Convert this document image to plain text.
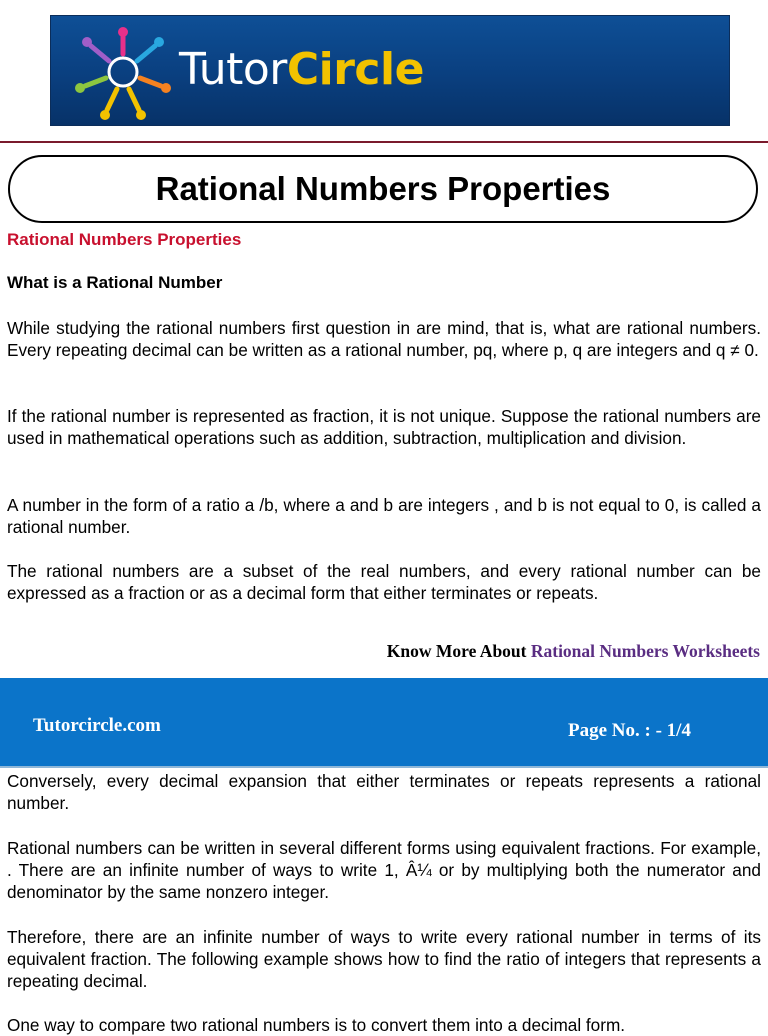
TutorCircle
Rational Numbers Properties
Rational Numbers Properties
What is a Rational Number

While studying the rational numbers first question in are mind, that is, what are rational numbers. Every repeating decimal can be written as a rational number, pq, where p, q are integers and q ≠ 0.

If the rational number is represented as fraction, it is not unique. Suppose the rational numbers are used in mathematical operations such as addition, subtraction, multiplication and division.

A number in the form of a ratio a /b, where a and b are integers , and b is not equal to 0, is called a rational number.

The rational numbers are a subset of the real numbers, and every rational number can be expressed as a fraction or as a decimal form that either terminates or repeats.

Know More About Rational Numbers Worksheets
Tutorcircle.com	Page No. : - 1/4

Conversely, every decimal expansion that either terminates or repeats represents a rational number.

Rational numbers can be written in several different forms using equivalent fractions. For example, . There are an infinite number of ways to write 1, Â¼ or by multiplying both the numerator and denominator by the same nonzero integer.

Therefore, there are an infinite number of ways to write every rational number in terms of its equivalent fraction. The following example shows how to find the ratio of integers that represents a repeating decimal.

One way to compare two rational numbers is to convert them into a decimal form.
